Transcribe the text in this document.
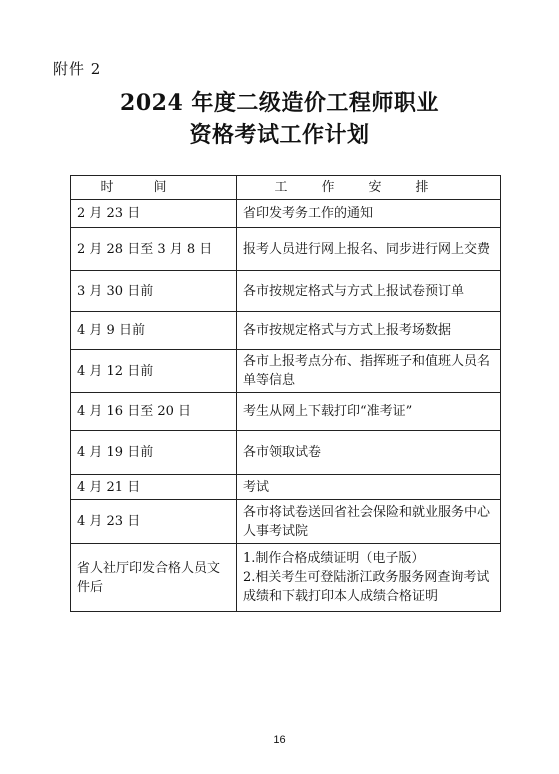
附件 2
2024 年度二级造价工程师职业
资格考试工作计划
时间	工作安排
2 月 23 日	省印发考务工作的通知
2 月 28 日至 3 月 8 日	报考人员进行网上报名、同步进行网上交费
3 月 30 日前	各市按规定格式与方式上报试卷预订单
4 月 9 日前	各市按规定格式与方式上报考场数据
4 月 12 日前	各市上报考点分布、指挥班子和值班人员名单等信息
4 月 16 日至 20 日	考生从网上下载打印“准考证”
4 月 19 日前	各市领取试卷
4 月 21 日	考试
4 月 23 日	各市将试卷送回省社会保险和就业服务中心人事考试院
省人社厅印发合格人员文件后	1.制作合格成绩证明（电子版）
2.相关考生可登陆浙江政务服务网查询考试成绩和下载打印本人成绩合格证明
16
